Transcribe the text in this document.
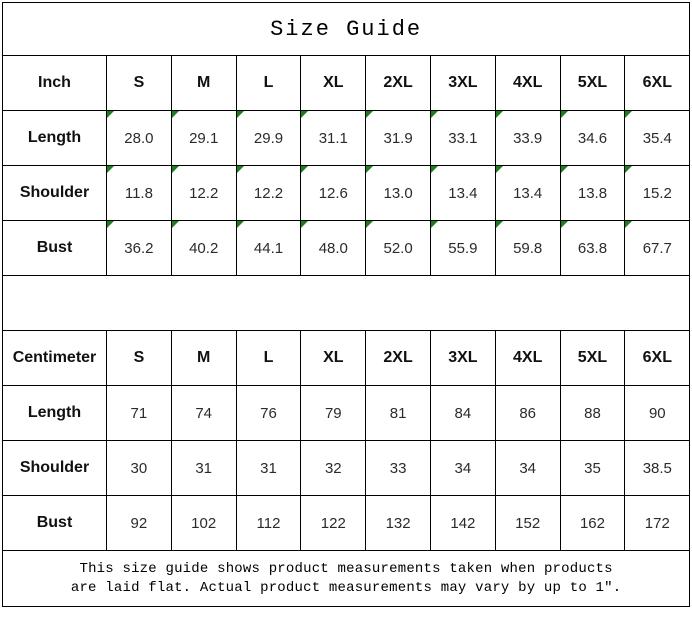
Size Guide									
Inch	S	M	L	XL	2XL	3XL	4XL	5XL	6XL
Length	28.0	29.1	29.9	31.1	31.9	33.1	33.9	34.6	35.4

Shoulder	11.8	12.2	12.2	12.6	13.0	13.4	13.4	13.8	15.2

Bust	36.2	40.2	44.1	48.0	52.0	55.9	59.8	63.8	67.7

Centimeter	S	M	L	XL	2XL	3XL	4XL	5XL	6XL
Length	71	74	76	79	81	84	86	88	90
Shoulder	30	31	31	32	33	34	34	35	38.5
Bust	92	102	112	122	132	142	152	162	172

This size guide shows product measurements taken when products
are laid flat. Actual product measurements may vary by up to 1″.									
